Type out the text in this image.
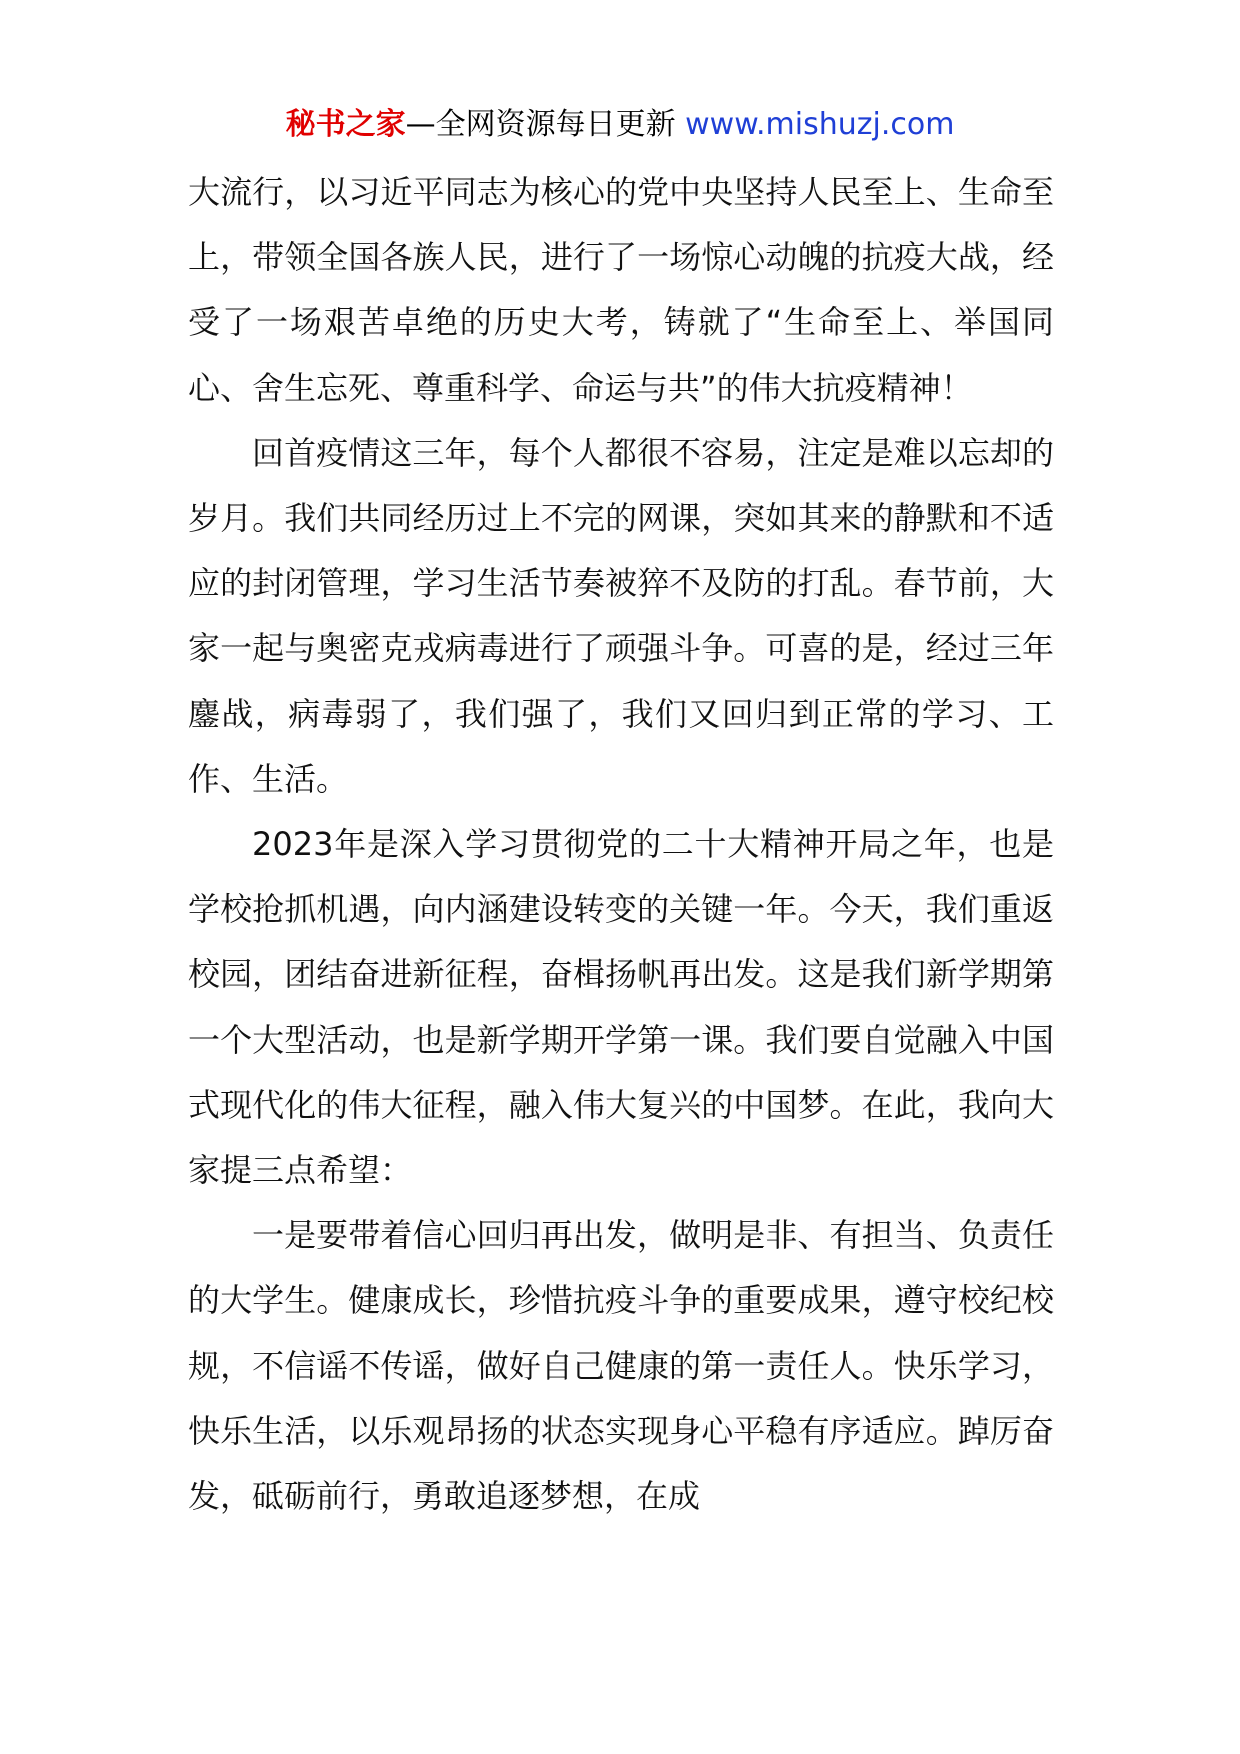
秘书之家—全网资源每日更新 www.mishuzj.com

大流行，以习近平同志为核心的党中央坚持人民至上、生命至上，带领全国各族人民，进行了一场惊心动魄的抗疫大战，经受了一场艰苦卓绝的历史大考，铸就了“生命至上、举国同心、舍生忘死、尊重科学、命运与共”的伟大抗疫精神！

回首疫情这三年，每个人都很不容易，注定是难以忘却的岁月。我们共同经历过上不完的网课，突如其来的静默和不适应的封闭管理，学习生活节奏被猝不及防的打乱。春节前，大家一起与奥密克戎病毒进行了顽强斗争。可喜的是，经过三年鏖战，病毒弱了，我们强了，我们又回归到正常的学习、工作、生活。

2023年是深入学习贯彻党的二十大精神开局之年，也是学校抢抓机遇，向内涵建设转变的关键一年。今天，我们重返校园，团结奋进新征程，奋楫扬帆再出发。这是我们新学期第一个大型活动，也是新学期开学第一课。我们要自觉融入中国式现代化的伟大征程，融入伟大复兴的中国梦。在此，我向大家提三点希望：

一是要带着信心回归再出发，做明是非、有担当、负责任的大学生。健康成长，珍惜抗疫斗争的重要成果，遵守校纪校规，不信谣不传谣，做好自己健康的第一责任人。快乐学习，快乐生活，以乐观昂扬的状态实现身心平稳有序适应。踔厉奋发，砥砺前行，勇敢追逐梦想，在成
